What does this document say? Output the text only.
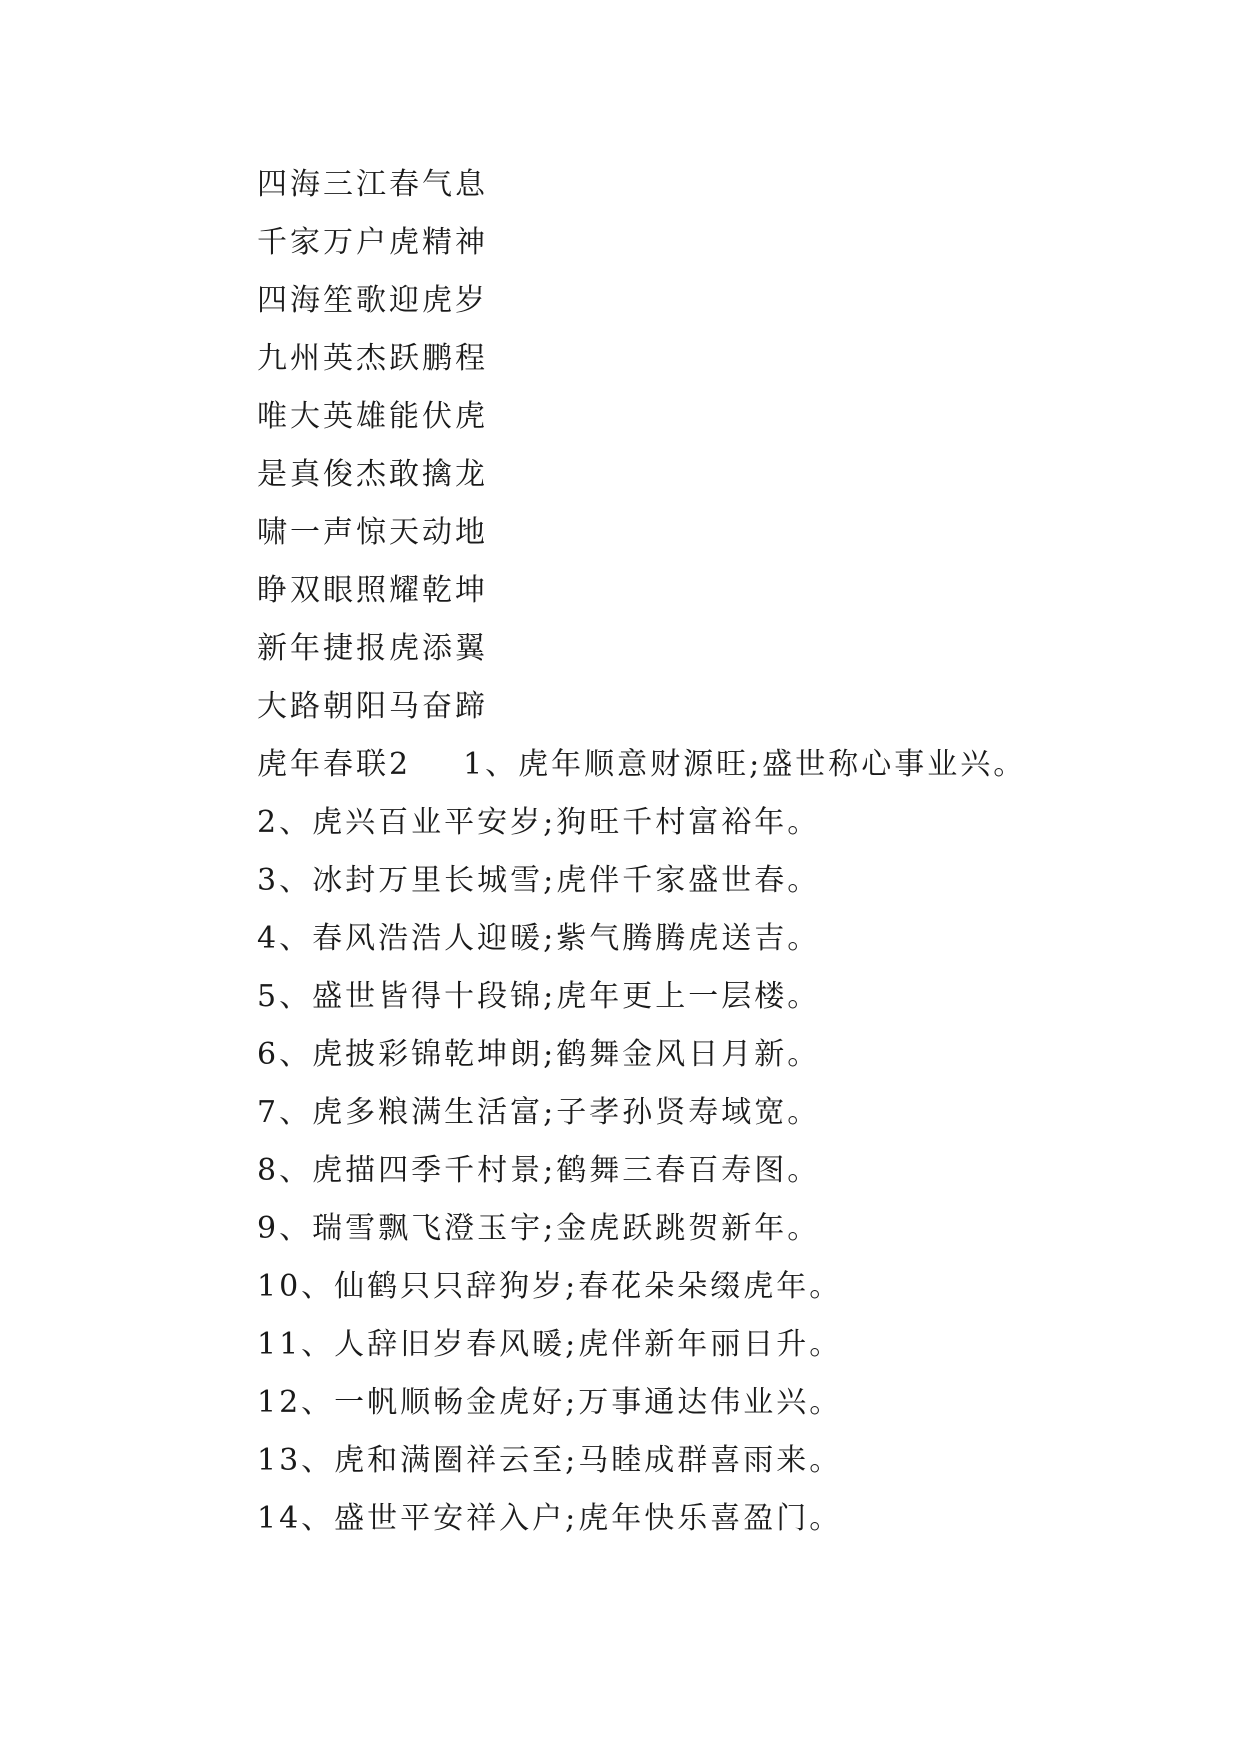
四海三江春气息
千家万户虎精神
四海笙歌迎虎岁
九州英杰跃鹏程
唯大英雄能伏虎
是真俊杰敢擒龙
啸一声惊天动地
睁双眼照耀乾坤
新年捷报虎添翼
大路朝阳马奋蹄
虎年春联2 1、虎年顺意财源旺;盛世称心事业兴。
2、虎兴百业平安岁;狗旺千村富裕年。
3、冰封万里长城雪;虎伴千家盛世春。
4、春风浩浩人迎暖;紫气腾腾虎送吉。
5、盛世皆得十段锦;虎年更上一层楼。
6、虎披彩锦乾坤朗;鹤舞金风日月新。
7、虎多粮满生活富;子孝孙贤寿域宽。
8、虎描四季千村景;鹤舞三春百寿图。
9、瑞雪飘飞澄玉宇;金虎跃跳贺新年。
10、仙鹤只只辞狗岁;春花朵朵缀虎年。
11、人辞旧岁春风暖;虎伴新年丽日升。
12、一帆顺畅金虎好;万事通达伟业兴。
13、虎和满圈祥云至;马睦成群喜雨来。
14、盛世平安祥入户;虎年快乐喜盈门。
